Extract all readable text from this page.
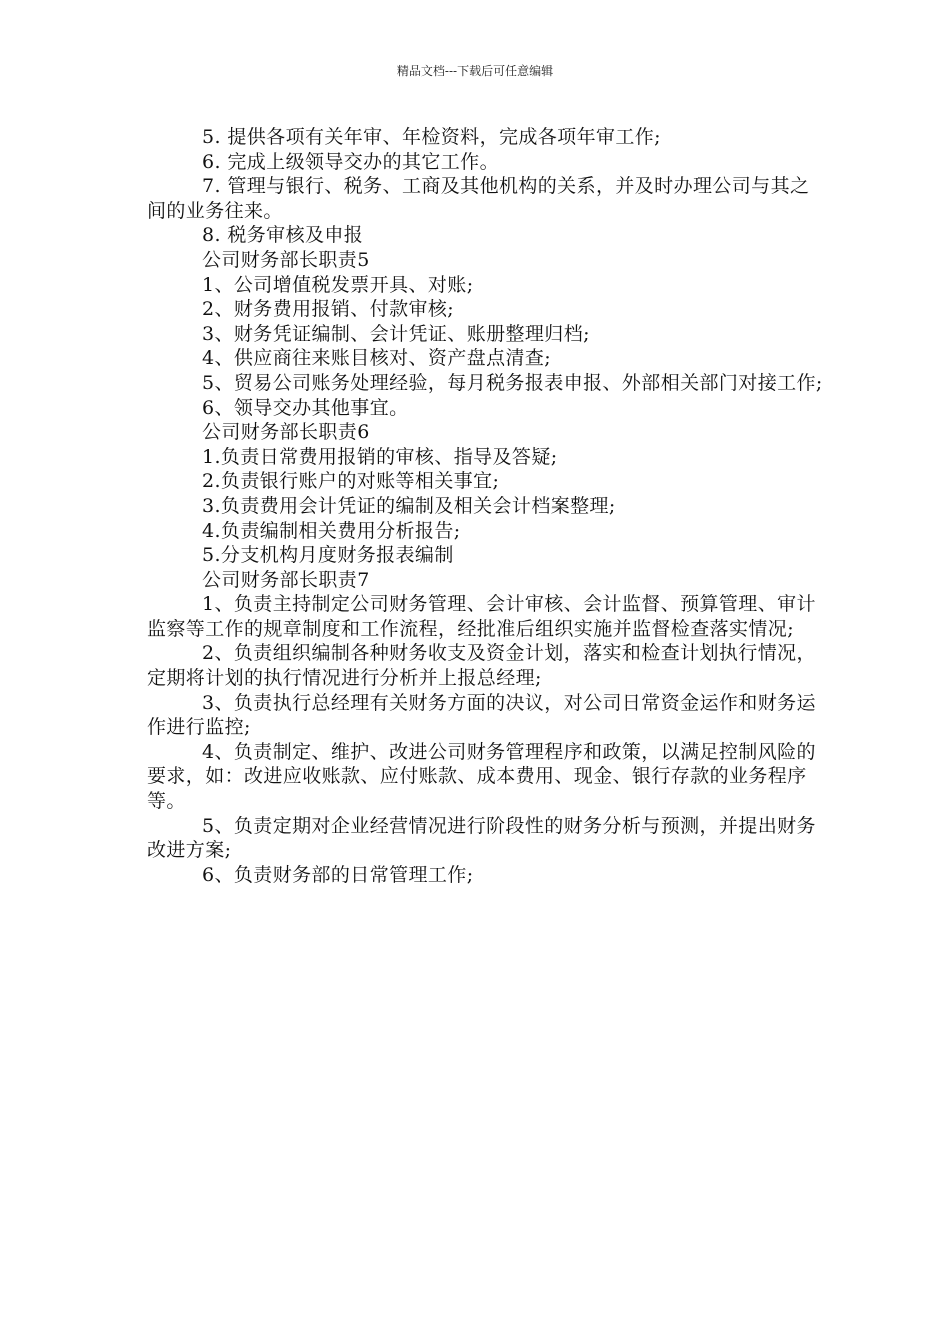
精品文档---下载后可任意编辑

5. 提供各项有关年审、年检资料，完成各项年审工作;

6. 完成上级领导交办的其它工作。

7. 管理与银行、税务、工商及其他机构的关系，并及时办理公司与其之间的业务往来。

8. 税务审核及申报

公司财务部长职责5

1、公司增值税发票开具、对账;

2、财务费用报销、付款审核;

3、财务凭证编制、会计凭证、账册整理归档;

4、供应商往来账目核对、资产盘点清查;

5、贸易公司账务处理经验，每月税务报表申报、外部相关部门对接工作;

6、领导交办其他事宜。

公司财务部长职责6

1.负责日常费用报销的审核、指导及答疑;

2.负责银行账户的对账等相关事宜;

3.负责费用会计凭证的编制及相关会计档案整理;

4.负责编制相关费用分析报告;

5.分支机构月度财务报表编制

公司财务部长职责7

1、负责主持制定公司财务管理、会计审核、会计监督、预算管理、审计监察等工作的规章制度和工作流程，经批准后组织实施并监督检查落实情况;

2、负责组织编制各种财务收支及资金计划，落实和检查计划执行情况，定期将计划的执行情况进行分析并上报总经理;

3、负责执行总经理有关财务方面的决议，对公司日常资金运作和财务运作进行监控;

4、负责制定、维护、改进公司财务管理程序和政策，以满足控制风险的要求，如：改进应收账款、应付账款、成本费用、现金、银行存款的业务程序等。

5、负责定期对企业经营情况进行阶段性的财务分析与预测，并提出财务改进方案;

6、负责财务部的日常管理工作;
